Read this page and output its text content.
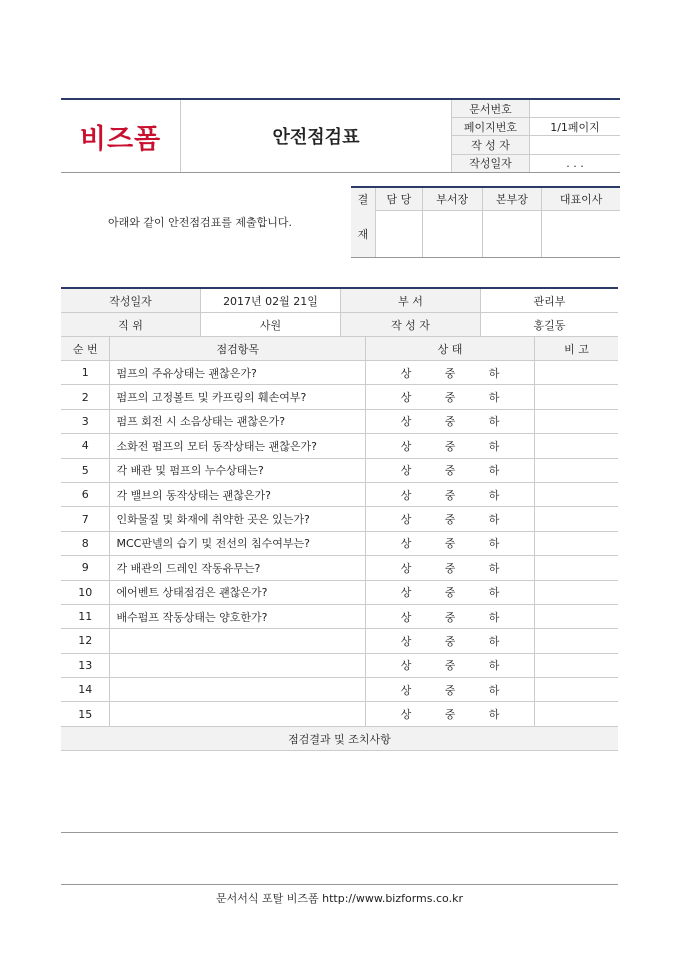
비즈폼	안전점검표
문서번호	
페이지번호	1/1페이지
작 성 자	
작성일자	. . .
아래와 같이 안전점검표를 제출합니다.
결	담 당	부서장	본부장	대표이사
재				
작성일자	2017년 02월 21일	부 서	관리부
직 위	사원	작 성 자	홍길동
순 번	점검항목	상 태	비 고
1	펌프의 주유상태는 괜찮은가?	상 중 하	
2	펌프의 고정볼트 및 카프링의 훼손여부?	상 중 하	
3	펌프 회전 시 소음상태는 괜찮은가?	상 중 하	
4	소화전 펌프의 모터 동작상태는 괜찮은가?	상 중 하	
5	각 배관 및 펌프의 누수상태는?	상 중 하	
6	각 밸브의 동작상태는 괜찮은가?	상 중 하	
7	인화물질 및 화재에 취약한 곳은 있는가?	상 중 하	
8	MCC판넬의 습기 및 전선의 침수여부는?	상 중 하	
9	각 배관의 드레인 작동유무는?	상 중 하	
10	에어벤트 상태점검은 괜찮은가?	상 중 하	
11	배수펌프 작동상태는 양호한가?	상 중 하	
12		상 중 하	
13		상 중 하	
14		상 중 하	
15		상 중 하	
점검결과 및 조치사항			
문서서식 포탈 비즈폼 http://www.bizforms.co.kr
